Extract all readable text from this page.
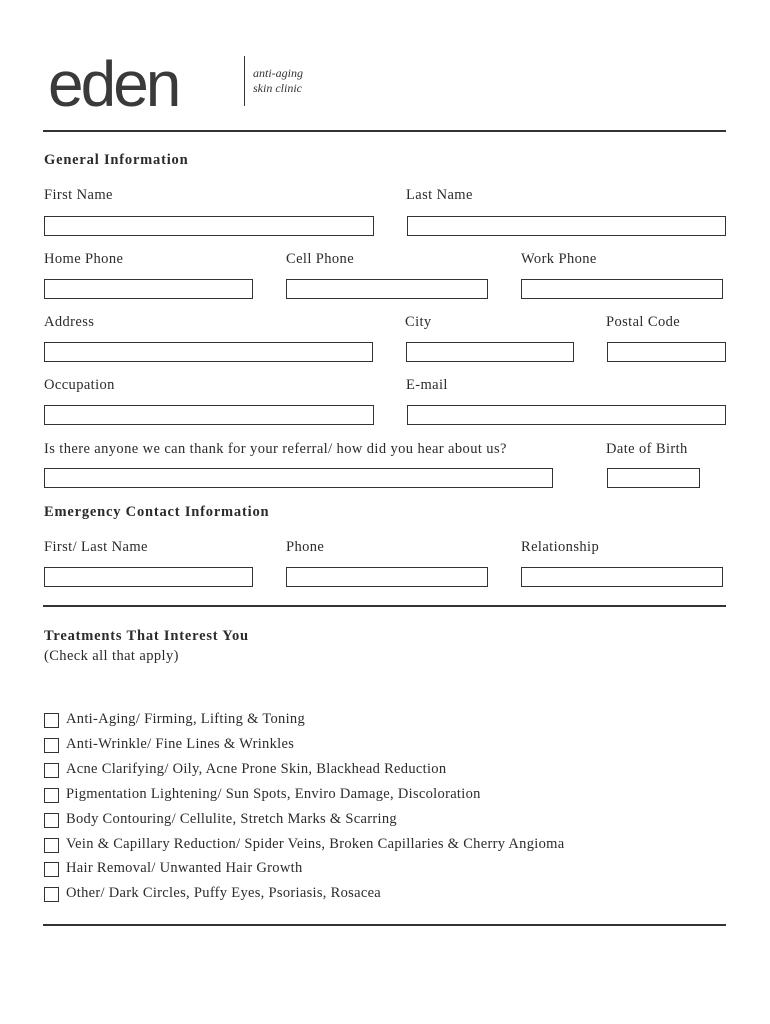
eden	anti-aging
skin clinic
General Information
First Name	Last Name
Home Phone	Cell Phone	Work Phone
Address	City	Postal Code
Occupation	E-mail
Is there anyone we can thank for your referral/ how did you hear about us?	Date of Birth
Emergency Contact Information
First/ Last Name	Phone	Relationship
Treatments That Interest You
(Check all that apply)
Anti-Aging/ Firming, Lifting & Toning
Anti-Wrinkle/ Fine Lines & Wrinkles
Acne Clarifying/ Oily, Acne Prone Skin, Blackhead Reduction
Pigmentation Lightening/ Sun Spots, Enviro Damage, Discoloration
Body Contouring/ Cellulite, Stretch Marks & Scarring
Vein & Capillary Reduction/ Spider Veins, Broken Capillaries & Cherry Angioma
Hair Removal/ Unwanted Hair Growth
Other/ Dark Circles, Puffy Eyes, Psoriasis, Rosacea
